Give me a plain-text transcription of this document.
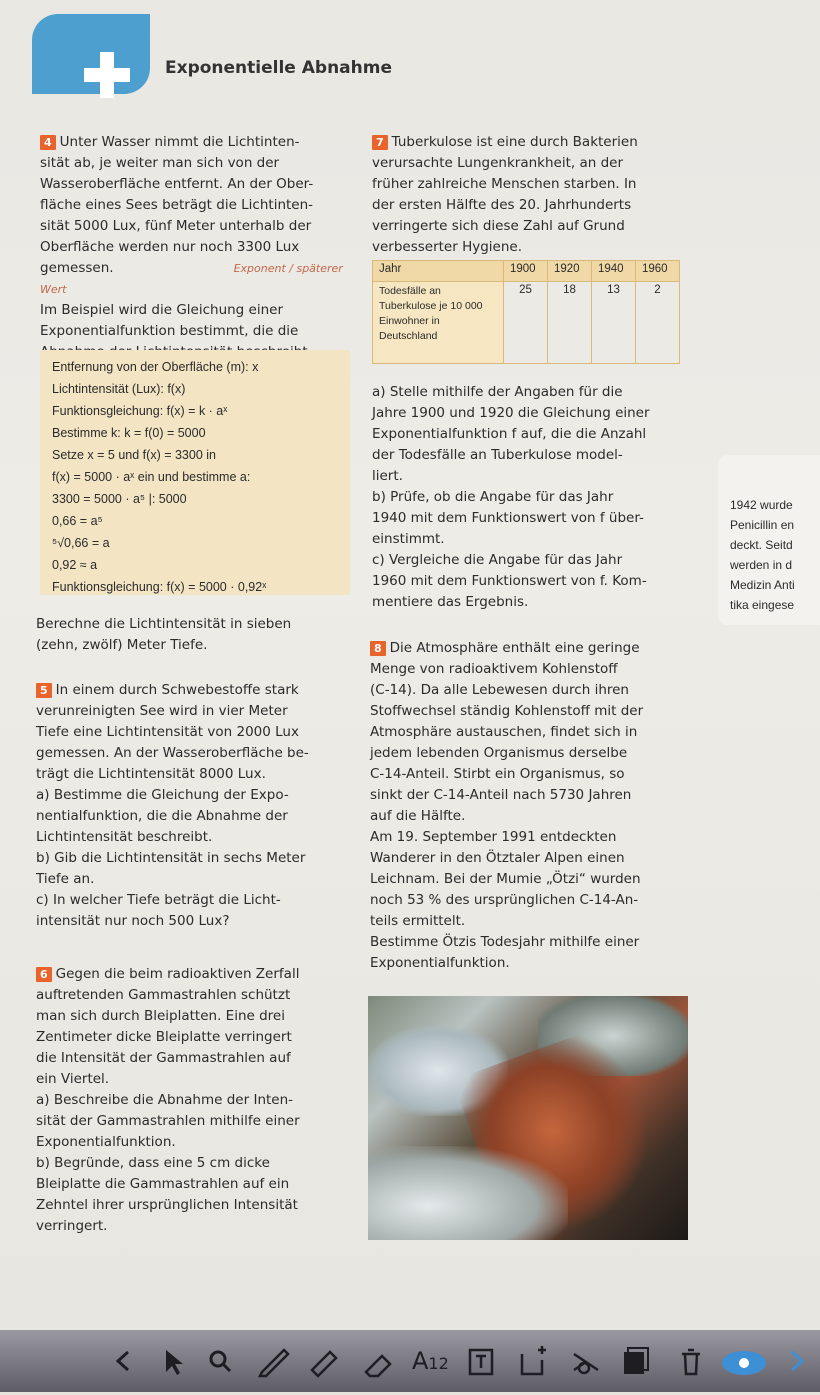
Exponentielle Abnahme
4 Unter Wasser nimmt die Lichtinten-
sität ab, je weiter man sich von der
Wasseroberfläche entfernt. An der Ober-
fläche eines Sees beträgt die Lichtinten-
sität 5000 Lux, fünf Meter unterhalb der
Oberfläche werden nur noch 3300 Lux
gemessen.	Exponent / späterer Wert
Im Beispiel wird die Gleichung einer
Exponentialfunktion bestimmt, die die

Entfernung von der Oberfläche (m): x
Lichtintensität (Lux): f(x)
Funktionsgleichung: f(x) = k · aˣ
Bestimme k: k = f(0) = 5000
Setze x = 5 und f(x) = 3300 in
f(x) = 5000 · aˣ ein und bestimme a:
3300 = 5000 · a⁵ |: 5000
0,66 = a⁵
⁵√0,66 = a
0,92 ≈ a
Funktionsgleichung: f(x) = 5000 · 0,92ˣ
Berechne die Lichtintensität in sieben
(zehn, zwölf) Meter Tiefe.
5 In einem durch Schwebestoffe stark
verunreinigten See wird in vier Meter
Tiefe eine Lichtintensität von 2000 Lux
gemessen. An der Wasseroberfläche be-
trägt die Lichtintensität 8000 Lux.
a) Bestimme die Gleichung der Expo-
nentialfunktion, die die Abnahme der
Lichtintensität beschreibt.
b) Gib die Lichtintensität in sechs Meter
Tiefe an.
c) In welcher Tiefe beträgt die Licht-
intensität nur noch 500 Lux?
6 Gegen die beim radioaktiven Zerfall
auftretenden Gammastrahlen schützt
man sich durch Bleiplatten. Eine drei
Zentimeter dicke Bleiplatte verringert
die Intensität der Gammastrahlen auf
ein Viertel.
a) Beschreibe die Abnahme der Inten-
sität der Gammastrahlen mithilfe einer
Exponentialfunktion.
b) Begründe, dass eine 5 cm dicke
Bleiplatte die Gammastrahlen auf ein
Zehntel ihrer ursprünglichen Intensität
verringert.
7 Tuberkulose ist eine durch Bakterien
verursachte Lungenkrankheit, an der
früher zahlreiche Menschen starben. In
der ersten Hälfte des 20. Jahrhunderts
verringerte sich diese Zahl auf Grund
verbesserter Hygiene.
Jahr	1900	1920	1940	1960
Todesfälle an Tuberkulose je 10 000 Einwohner in Deutschland	25	18	13	2
a) Stelle mithilfe der Angaben für die
Jahre 1900 und 1920 die Gleichung einer
Exponentialfunktion f auf, die die Anzahl
der Todesfälle an Tuberkulose model-
liert.
b) Prüfe, ob die Angabe für das Jahr
1940 mit dem Funktionswert von f über-
einstimmt.
c) Vergleiche die Angabe für das Jahr
1960 mit dem Funktionswert von f. Kom-
mentiere das Ergebnis.
1942 wurde
Penicillin en
deckt. Seitd
werden in d
Medizin Anti
tika eingese
8 Die Atmosphäre enthält eine geringe
Menge von radioaktivem Kohlenstoff
(C-14). Da alle Lebewesen durch ihren
Stoffwechsel ständig Kohlenstoff mit der
Atmosphäre austauschen, findet sich in
jedem lebenden Organismus derselbe
C-14-Anteil. Stirbt ein Organismus, so
sinkt der C-14-Anteil nach 5730 Jahren
auf die Hälfte.
Am 19. September 1991 entdeckten
Wanderer in den Ötztaler Alpen einen
Leichnam. Bei der Mumie „Ötzi“ wurden
noch 53 % des ursprünglichen C-14-An-
teils ermittelt.
Bestimme Ötzis Todesjahr mithilfe einer
Exponentialfunktion.
A12
